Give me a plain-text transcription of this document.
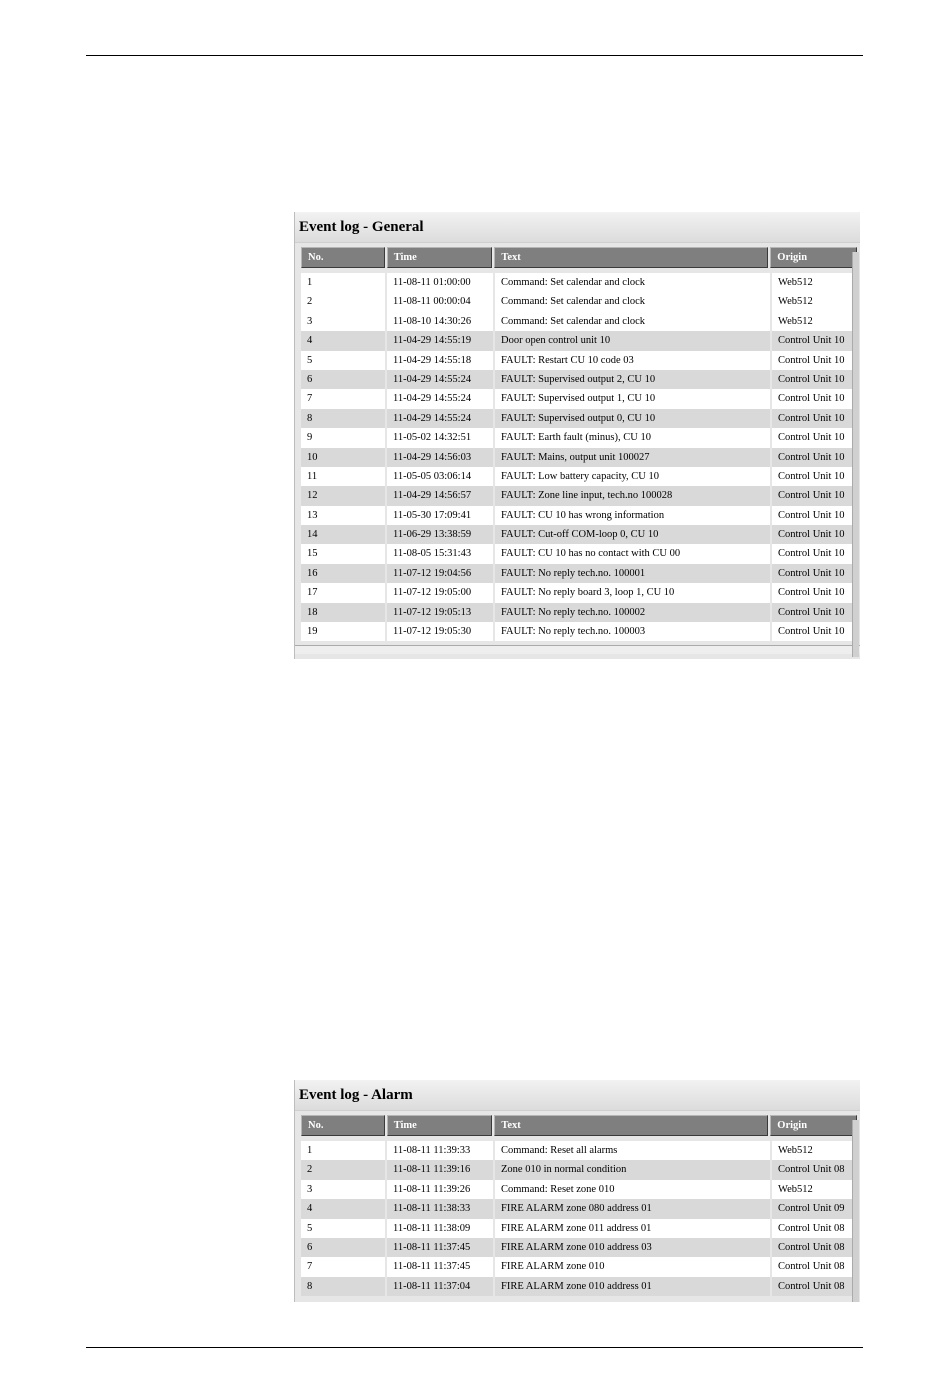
Event log - General
No.	Time	Text	Origin
1	11-08-11 01:00:00	Command: Set calendar and clock	Web512
2	11-08-11 00:00:04	Command: Set calendar and clock	Web512
3	11-08-10 14:30:26	Command: Set calendar and clock	Web512
4	11-04-29 14:55:19	Door open control unit 10	Control Unit 10
5	11-04-29 14:55:18	FAULT: Restart CU 10 code 03	Control Unit 10
6	11-04-29 14:55:24	FAULT: Supervised output 2, CU 10	Control Unit 10
7	11-04-29 14:55:24	FAULT: Supervised output 1, CU 10	Control Unit 10
8	11-04-29 14:55:24	FAULT: Supervised output 0, CU 10	Control Unit 10
9	11-05-02 14:32:51	FAULT: Earth fault (minus), CU 10	Control Unit 10
10	11-04-29 14:56:03	FAULT: Mains, output unit 100027	Control Unit 10
11	11-05-05 03:06:14	FAULT: Low battery capacity, CU 10	Control Unit 10
12	11-04-29 14:56:57	FAULT: Zone line input, tech.no 100028	Control Unit 10
13	11-05-30 17:09:41	FAULT: CU 10 has wrong information	Control Unit 10
14	11-06-29 13:38:59	FAULT: Cut-off COM-loop 0, CU 10	Control Unit 10
15	11-08-05 15:31:43	FAULT: CU 10 has no contact with CU 00	Control Unit 10
16	11-07-12 19:04:56	FAULT: No reply tech.no. 100001	Control Unit 10
17	11-07-12 19:05:00	FAULT: No reply board 3, loop 1, CU 10	Control Unit 10
18	11-07-12 19:05:13	FAULT: No reply tech.no. 100002	Control Unit 10
19	11-07-12 19:05:30	FAULT: No reply tech.no. 100003	Control Unit 10
Event log - Alarm
No.	Time	Text	Origin
1	11-08-11 11:39:33	Command: Reset all alarms	Web512
2	11-08-11 11:39:16	Zone 010 in normal condition	Control Unit 08
3	11-08-11 11:39:26	Command: Reset zone 010	Web512
4	11-08-11 11:38:33	FIRE ALARM zone 080 address 01	Control Unit 09
5	11-08-11 11:38:09	FIRE ALARM zone 011 address 01	Control Unit 08
6	11-08-11 11:37:45	FIRE ALARM zone 010 address 03	Control Unit 08
7	11-08-11 11:37:45	FIRE ALARM zone 010	Control Unit 08
8	11-08-11 11:37:04	FIRE ALARM zone 010 address 01	Control Unit 08
